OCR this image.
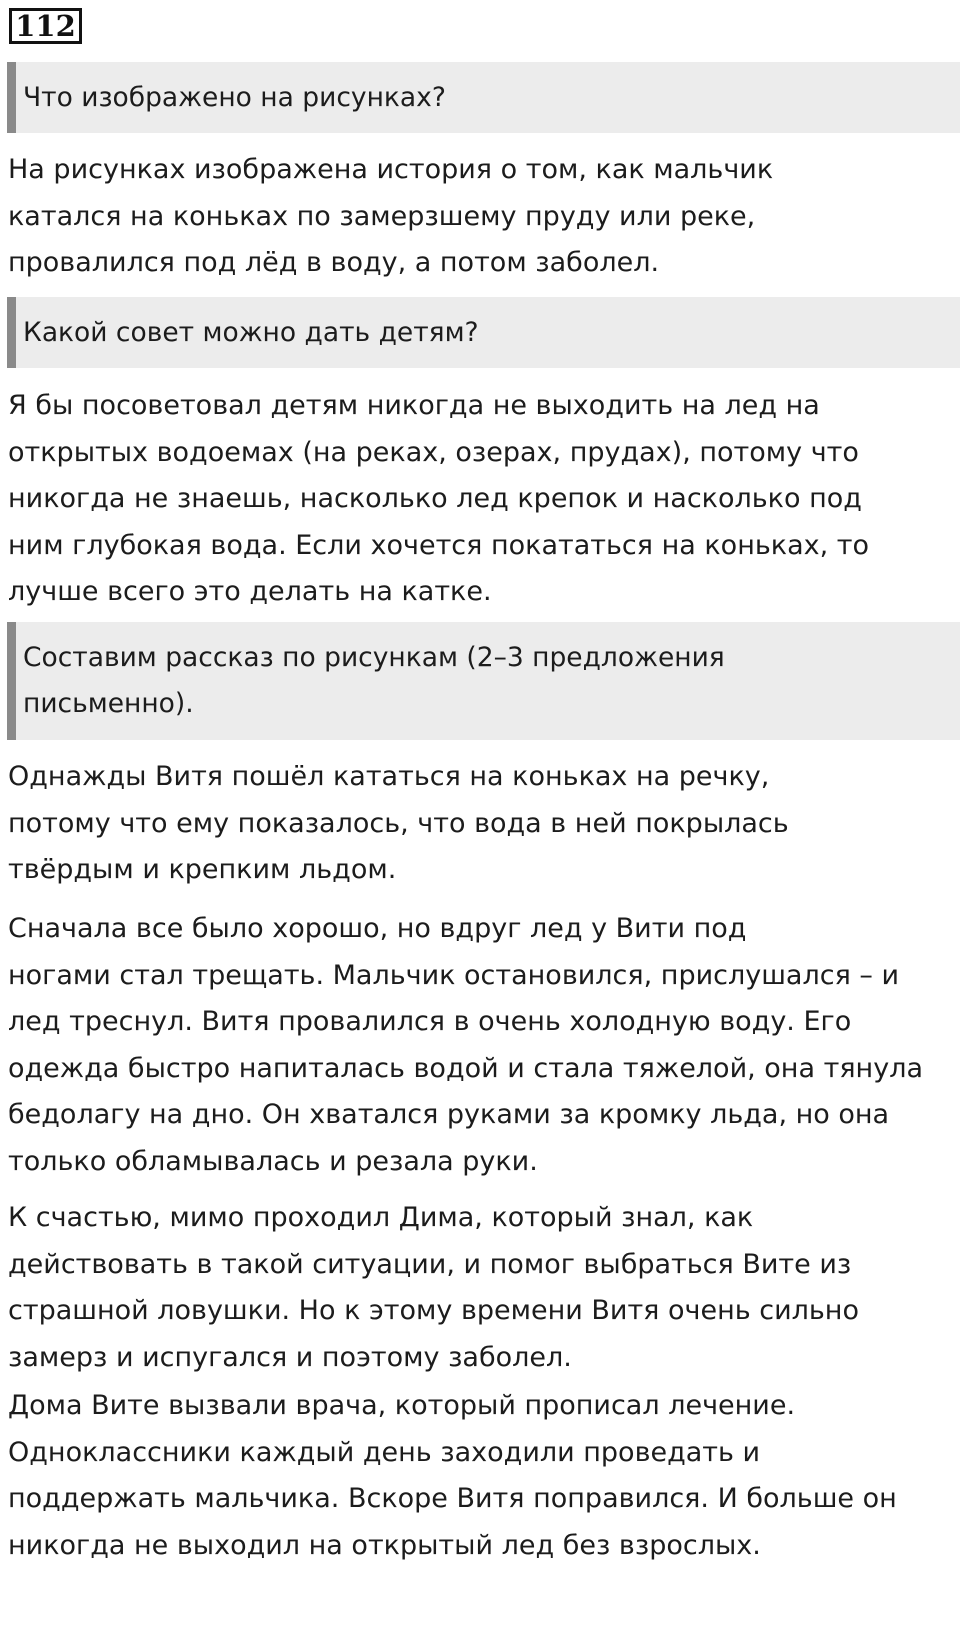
112
Что изображено на рисунках?

На рисунках изображена история о том, как мальчик
катался на коньках по замерзшему пруду или реке,
провалился под лёд в воду, а потом заболел.

Какой совет можно дать детям?

Я бы посоветовал детям никогда не выходить на лед на
открытых водоемах (на реках, озерах, прудах), потому что
никогда не знаешь, насколько лед крепок и насколько под
ним глубокая вода. Если хочется покататься на коньках, то
лучше всего это делать на катке.

Составим рассказ по рисункам (2–3 предложения
письменно).

Однажды Витя пошёл кататься на коньках на речку,
потому что ему показалось, что вода в ней покрылась
твёрдым и крепким льдом.

Сначала все было хорошо, но вдруг лед у Вити под
ногами стал трещать. Мальчик остановился, прислушался – и
лед треснул. Витя провалился в очень холодную воду. Его
одежда быстро напиталась водой и стала тяжелой, она тянула
бедолагу на дно. Он хватался руками за кромку льда, но она
только обламывалась и резала руки.

К счастью, мимо проходил Дима, который знал, как
действовать в такой ситуации, и помог выбраться Вите из
страшной ловушки. Но к этому времени Витя очень сильно
замерз и испугался и поэтому заболел.

Дома Вите вызвали врача, который прописал лечение.
Одноклассники каждый день заходили проведать и
поддержать мальчика. Вскоре Витя поправился. И больше он
никогда не выходил на открытый лед без взрослых.
